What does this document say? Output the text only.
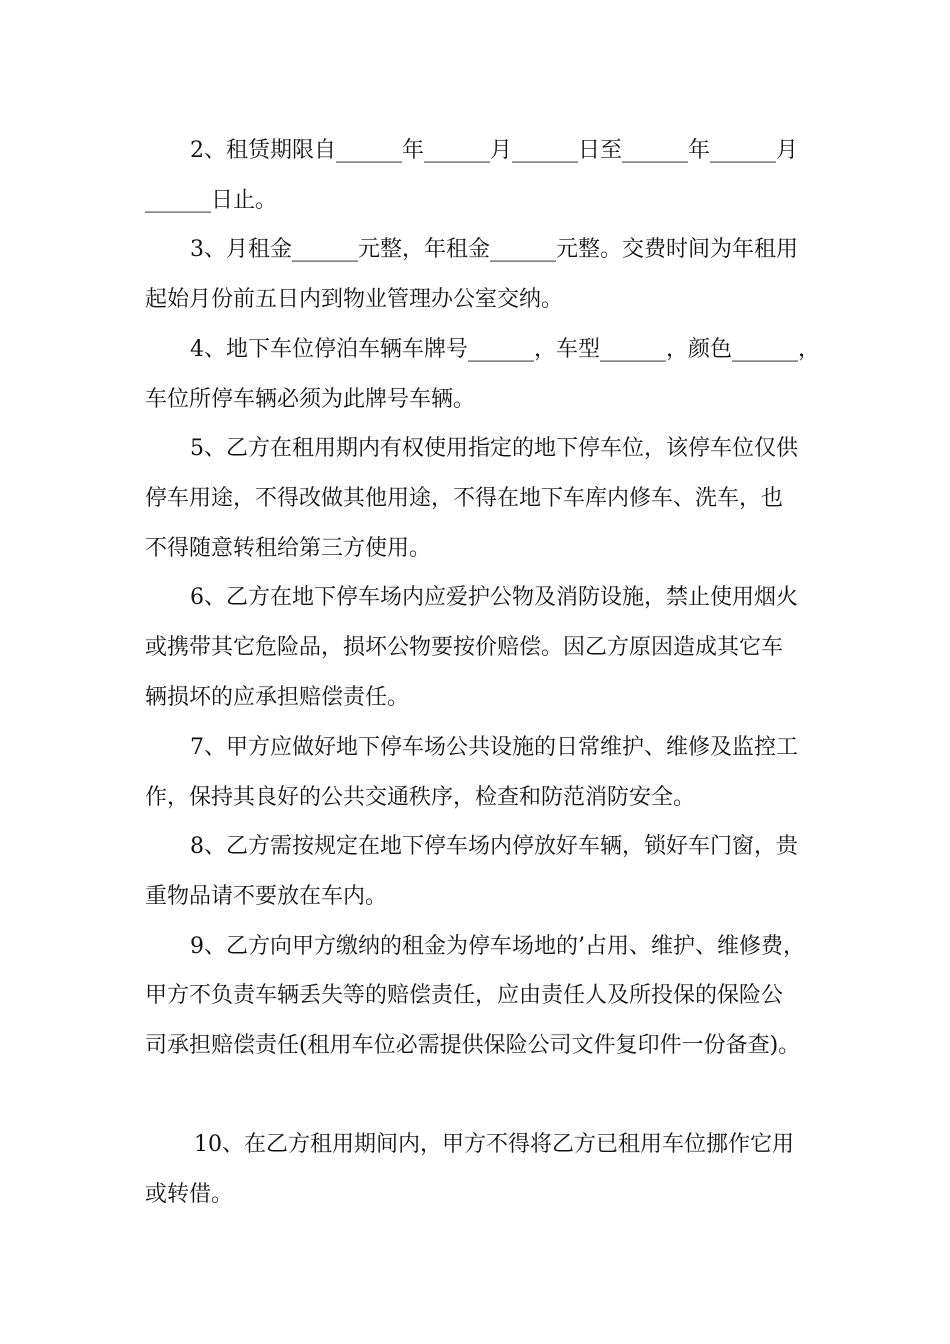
2、租赁期限自______年______月______日至______年______月
______日止。
3、月租金______元整，年租金______元整。交费时间为年租用
起始月份前五日内到物业管理办公室交纳。
4、地下车位停泊车辆车牌号______，车型______，颜色______，
车位所停车辆必须为此牌号车辆。
5、乙方在租用期内有权使用指定的地下停车位，该停车位仅供
停车用途，不得改做其他用途，不得在地下车库内修车、洗车，也
不得随意转租给第三方使用。
6、乙方在地下停车场内应爱护公物及消防设施，禁止使用烟火
或携带其它危险品，损坏公物要按价赔偿。因乙方原因造成其它车
辆损坏的应承担赔偿责任。
7、甲方应做好地下停车场公共设施的日常维护、维修及监控工
作，保持其良好的公共交通秩序，检查和防范消防安全。
8、乙方需按规定在地下停车场内停放好车辆，锁好车门窗，贵
重物品请不要放在车内。
9、乙方向甲方缴纳的租金为停车场地的’占用、维护、维修费，
甲方不负责车辆丢失等的赔偿责任，应由责任人及所投保的保险公
司承担赔偿责任(租用车位必需提供保险公司文件复印件一份备查)。
10、在乙方租用期间内，甲方不得将乙方已租用车位挪作它用
或转借。
